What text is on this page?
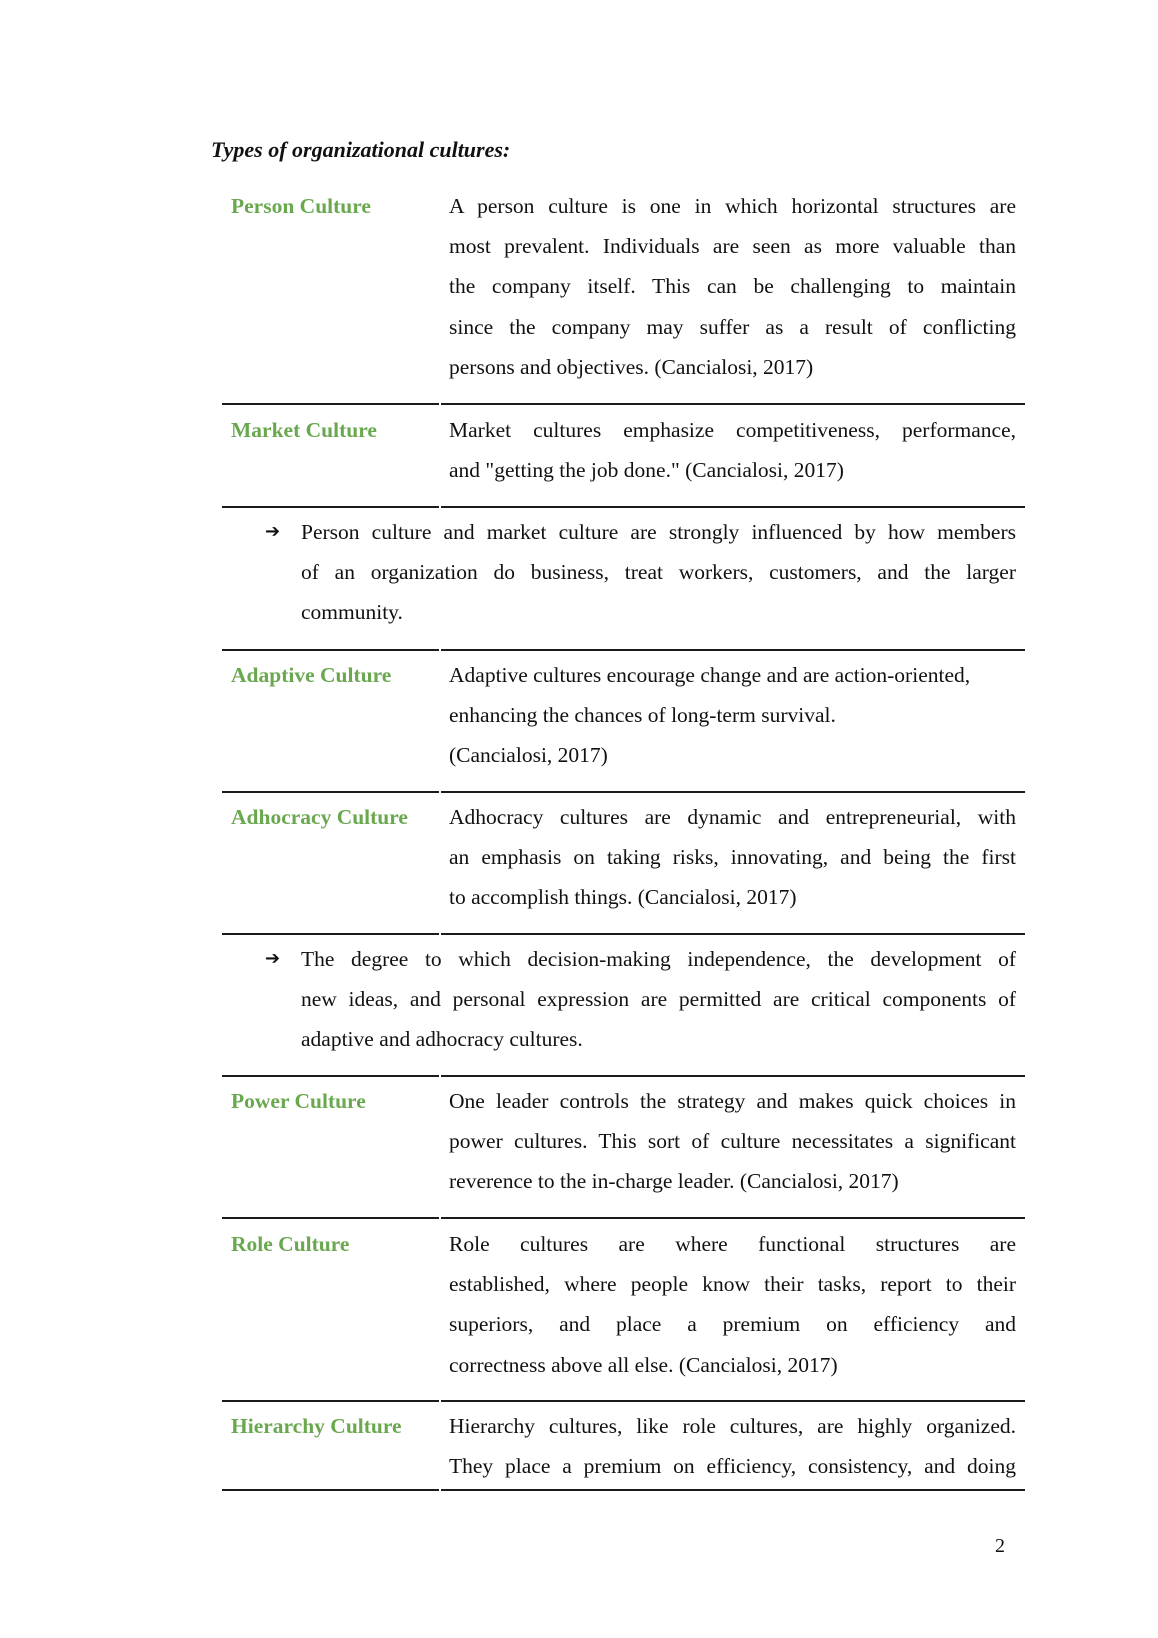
Types of organizational cultures:
Person Culture	A person culture is one in which horizontal structures are
most prevalent. Individuals are seen as more valuable than
the company itself. This can be challenging to maintain
since the company may suffer as a result of conflicting
persons and objectives. (Cancialosi, 2017)
Market Culture	Market cultures emphasize competitiveness, performance,
and "getting the job done." (Cancialosi, 2017)
➔ Person culture and market culture are strongly influenced by how members
of an organization do business, treat workers, customers, and the larger
community.
Adaptive Culture	Adaptive cultures encourage change and are action-oriented,
enhancing the chances of long-term survival.
(Cancialosi, 2017)
Adhocracy Culture	Adhocracy cultures are dynamic and entrepreneurial, with
an emphasis on taking risks, innovating, and being the first
to accomplish things. (Cancialosi, 2017)
➔ The degree to which decision-making independence, the development of
new ideas, and personal expression are permitted are critical components of
adaptive and adhocracy cultures.
Power Culture	One leader controls the strategy and makes quick choices in
power cultures. This sort of culture necessitates a significant
reverence to the in-charge leader. (Cancialosi, 2017)
Role Culture	Role cultures are where functional structures are
established, where people know their tasks, report to their
superiors, and place a premium on efficiency and
correctness above all else. (Cancialosi, 2017)
Hierarchy Culture	Hierarchy cultures, like role cultures, are highly organized.
They place a premium on efficiency, consistency, and doing
2
